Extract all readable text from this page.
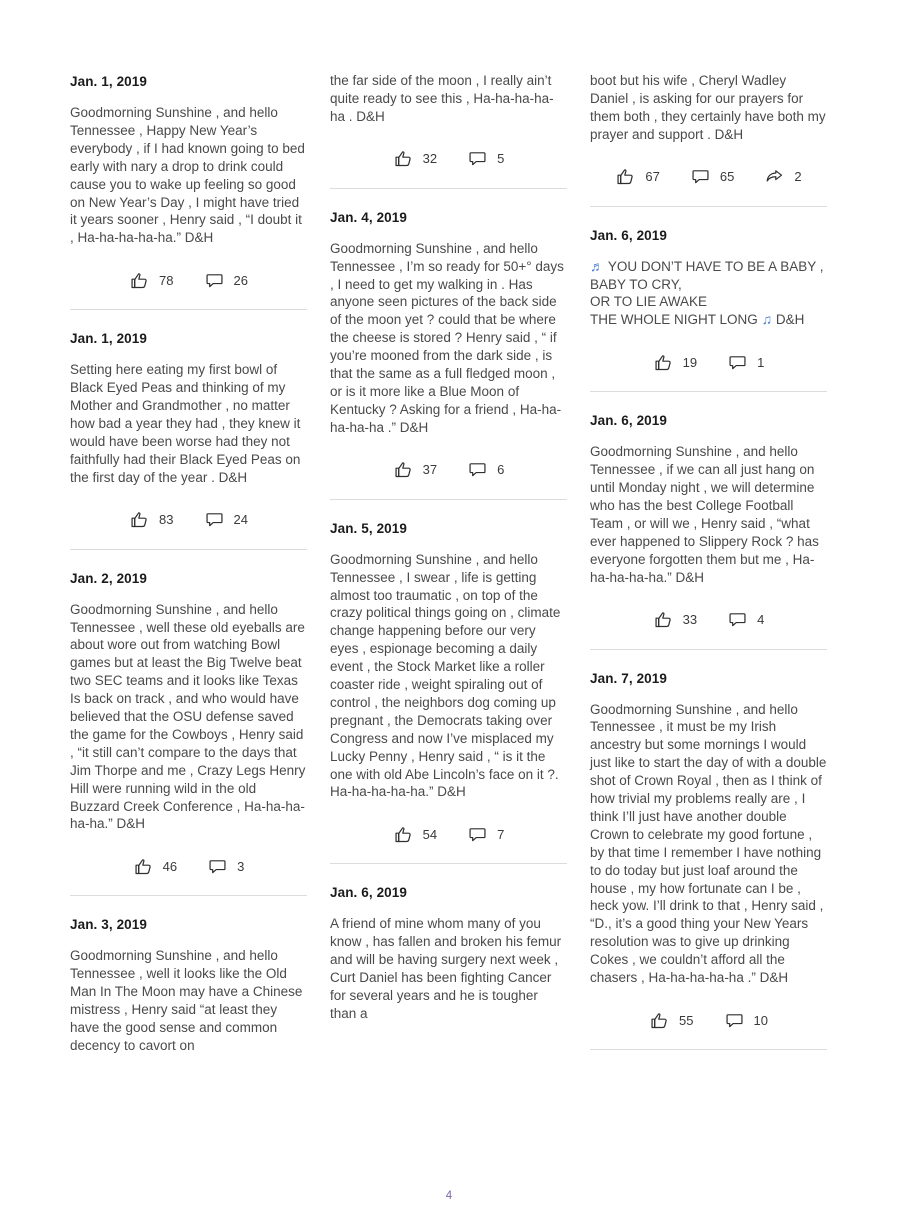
Jan. 1, 2019

Goodmorning Sunshine , and hello Tennessee , Happy New Year’s everybody , if I had known going to bed early with nary a drop to drink could cause you to wake up feeling so good on New Year’s Day , I might have tried it years sooner , Henry said , “I doubt it , Ha-ha-ha-ha-ha.” D&H

78	26
Jan. 1, 2019

Setting here eating my first bowl of Black Eyed Peas and thinking of my Mother and Grandmother , no matter how bad a year they had , they knew it would have been worse had they not faithfully had their Black Eyed Peas on the first day of the year . D&H

83	24
Jan. 2, 2019

Goodmorning Sunshine , and hello Tennessee , well these old eyeballs are about wore out from watching Bowl games but at least the Big Twelve beat two SEC teams and it looks like Texas Is back on track , and who would have believed that the OSU defense saved the game for the Cowboys , Henry said , “it still can’t compare to the days that Jim Thorpe and me , Crazy Legs Henry Hill were running wild in the old Buzzard Creek Conference , Ha-ha-ha-ha-ha.” D&H

46	3
Jan. 3, 2019

Goodmorning Sunshine , and hello Tennessee , well it looks like the Old Man In The Moon may have a Chinese mistress , Henry said “at least they have the good sense and common decency to cavort on

the far side of the moon , I really ain’t quite ready to see this , Ha-ha-ha-ha-ha . D&H

32	5
Jan. 4, 2019

Goodmorning Sunshine , and hello Tennessee , I’m so ready for 50+° days , I need to get my walking in . Has anyone seen pictures of the back side of the moon yet ? could that be where the cheese is stored ? Henry said , “ if you’re mooned from the dark side , is that the same as a full fledged moon , or is it more like a Blue Moon of Kentucky ? Asking for a friend , Ha-ha-ha-ha-ha .” D&H

37	6
Jan. 5, 2019

Goodmorning Sunshine , and hello Tennessee , I swear , life is getting almost too traumatic , on top of the crazy political things going on , climate change happening before our very eyes , espionage becoming a daily event , the Stock Market like a roller coaster ride , weight spiraling out of control , the neighbors dog coming up pregnant , the Democrats taking over Congress and now I’ve misplaced my Lucky Penny , Henry said , “ is it the one with old Abe Lincoln’s face on it ?. Ha-ha-ha-ha-ha.” D&H

54	7
Jan. 6, 2019

A friend of mine whom many of you know , has fallen and broken his femur and will be having surgery next week , Curt Daniel has been fighting Cancer for several years and he is tougher than a

boot but his wife , Cheryl Wadley Daniel , is asking for our prayers for them both , they certainly have both my prayer and support . D&H

67	65	2
Jan. 6, 2019

♬ YOU DON’T HAVE TO BE A BABY ,
BABY TO CRY,
OR TO LIE AWAKE
THE WHOLE NIGHT LONG ♫ D&H

19	1
Jan. 6, 2019

Goodmorning Sunshine , and hello Tennessee , if we can all just hang on until Monday night , we will determine who has the best College Football Team , or will we , Henry said , “what ever happened to Slippery Rock ? has everyone forgotten them but me , Ha-ha-ha-ha-ha.” D&H

33	4
Jan. 7, 2019

Goodmorning Sunshine , and hello Tennessee , it must be my Irish ancestry but some mornings I would just like to start the day of with a double shot of Crown Royal , then as I think of how trivial my problems really are , I think I’ll just have another double Crown to celebrate my good fortune , by that time I remember I have nothing to do today but just loaf around the house , my how fortunate can I be , heck yow. I’ll drink to that , Henry said , “D., it’s a good thing your New Years resolution was to give up drinking Cokes , we couldn’t afford all the chasers , Ha-ha-ha-ha-ha .” D&H

55	10
4
